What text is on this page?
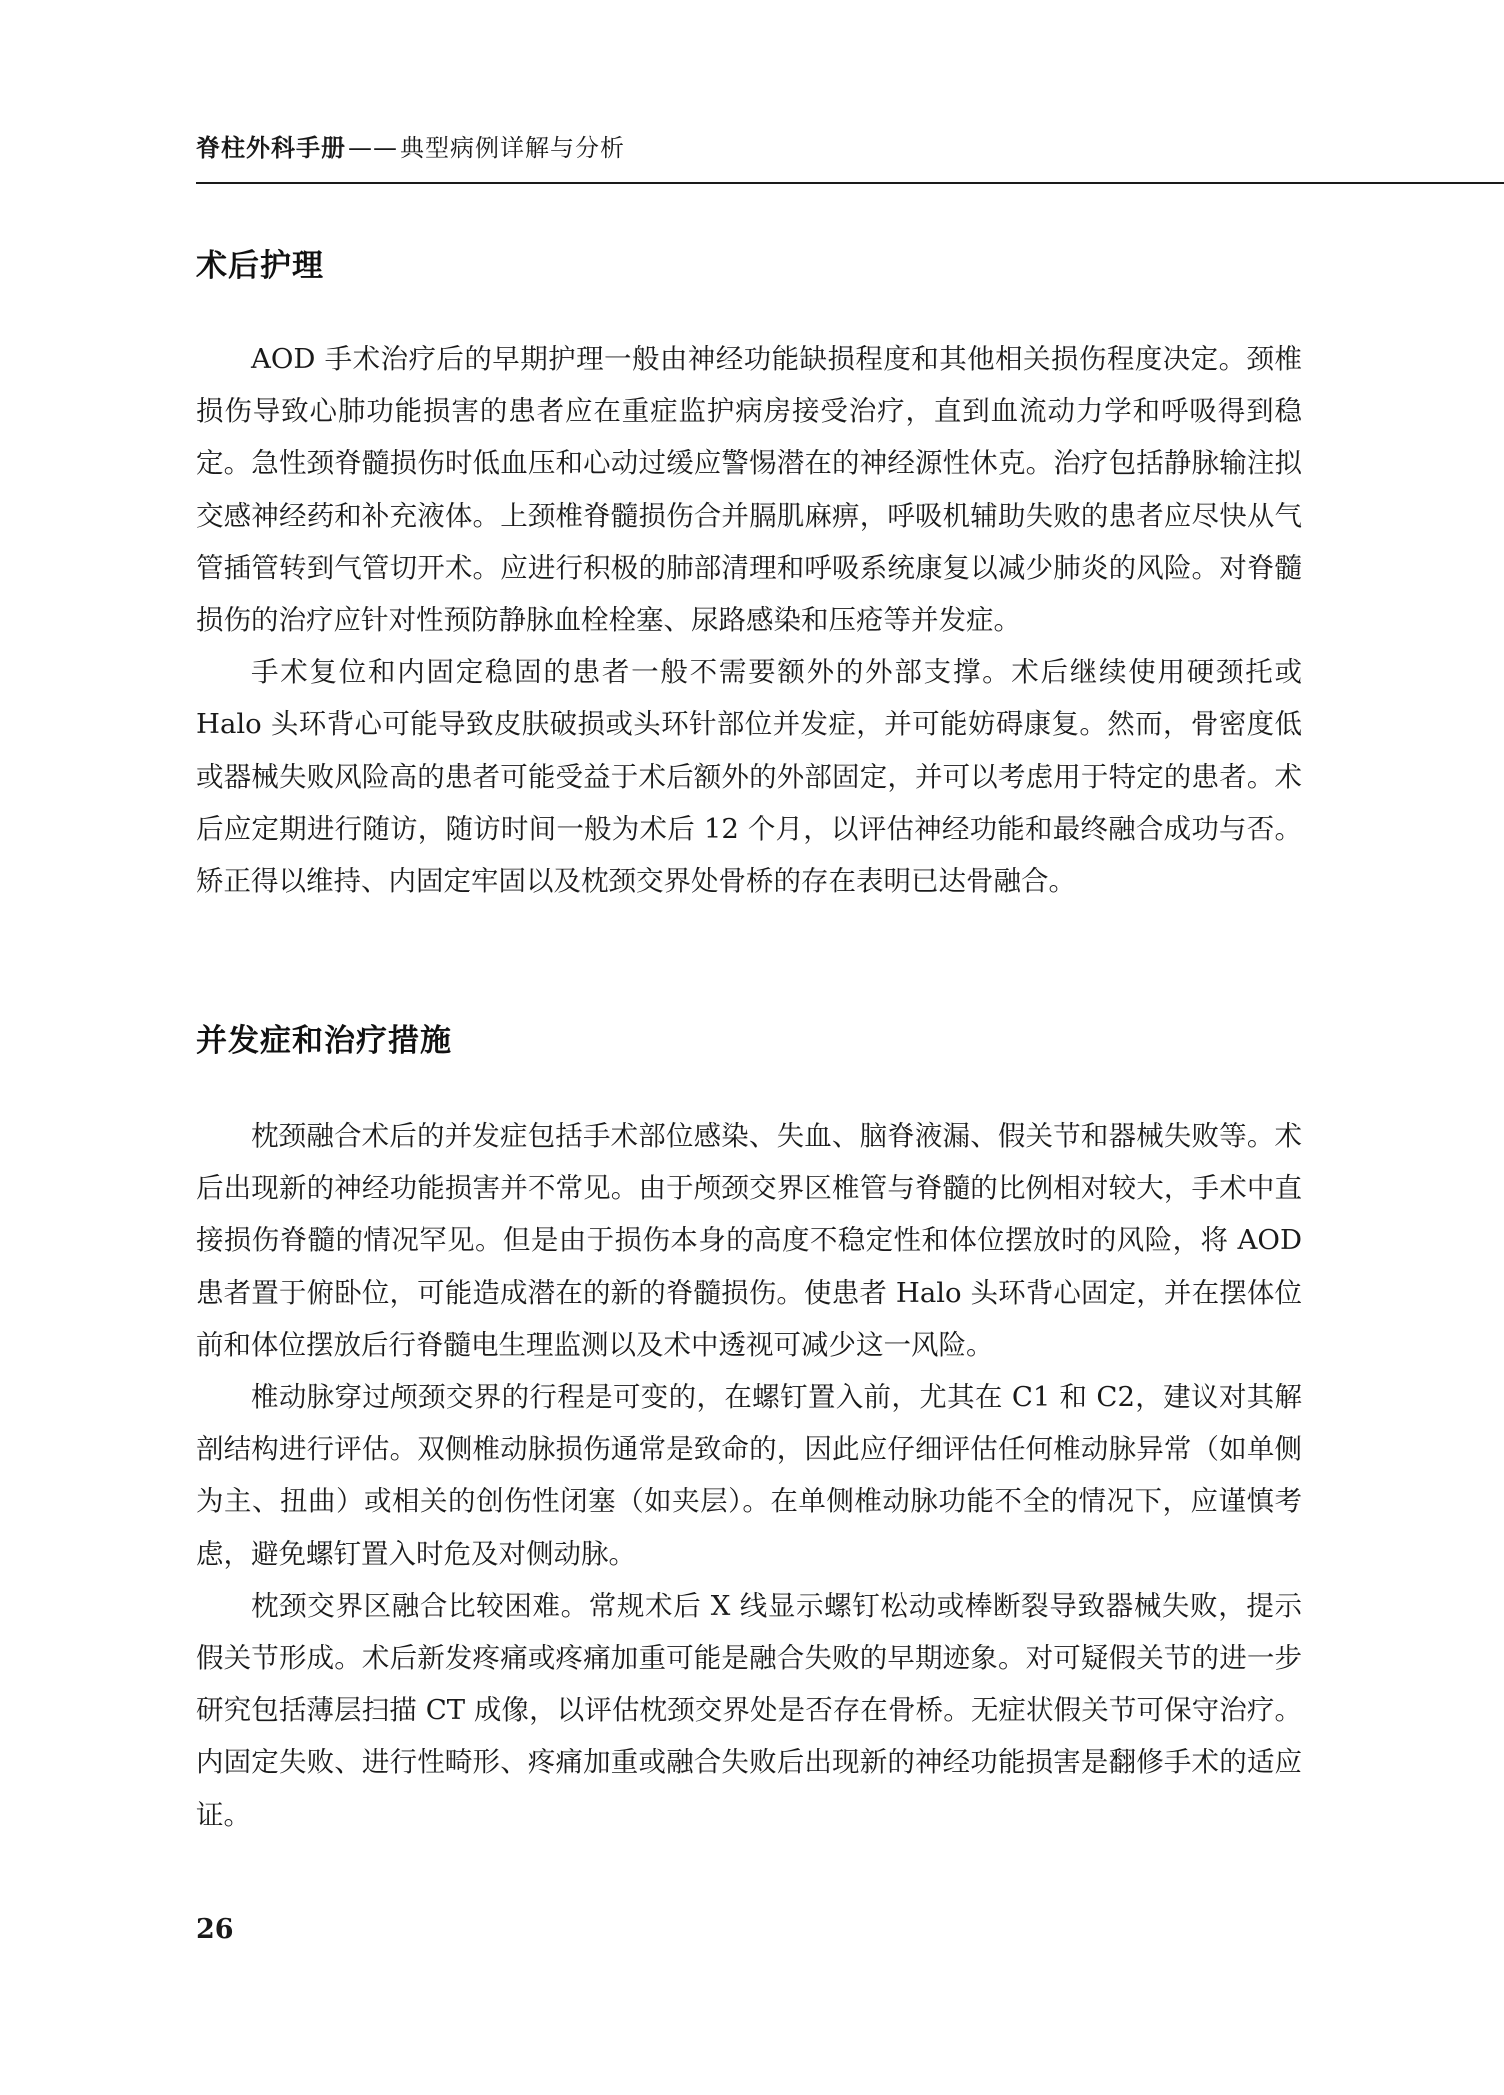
脊柱外科手册——典型病例详解与分析
术后护理

AOD 手术治疗后的早期护理一般由神经功能缺损程度和其他相关损伤程度决定。颈椎损伤导致心肺功能损害的患者应在重症监护病房接受治疗，直到血流动力学和呼吸得到稳定。急性颈脊髓损伤时低血压和心动过缓应警惕潜在的神经源性休克。治疗包括静脉输注拟交感神经药和补充液体。上颈椎脊髓损伤合并膈肌麻痹，呼吸机辅助失败的患者应尽快从气管插管转到气管切开术。应进行积极的肺部清理和呼吸系统康复以减少肺炎的风险。对脊髓损伤的治疗应针对性预防静脉血栓栓塞、尿路感染和压疮等并发症。

手术复位和内固定稳固的患者一般不需要额外的外部支撑。术后继续使用硬颈托或 Halo 头环背心可能导致皮肤破损或头环针部位并发症，并可能妨碍康复。然而，骨密度低或器械失败风险高的患者可能受益于术后额外的外部固定，并可以考虑用于特定的患者。术后应定期进行随访，随访时间一般为术后 12 个月，以评估神经功能和最终融合成功与否。矫正得以维持、内固定牢固以及枕颈交界处骨桥的存在表明已达骨融合。

并发症和治疗措施

枕颈融合术后的并发症包括手术部位感染、失血、脑脊液漏、假关节和器械失败等。术后出现新的神经功能损害并不常见。由于颅颈交界区椎管与脊髓的比例相对较大，手术中直接损伤脊髓的情况罕见。但是由于损伤本身的高度不稳定性和体位摆放时的风险，将 AOD 患者置于俯卧位，可能造成潜在的新的脊髓损伤。使患者 Halo 头环背心固定，并在摆体位前和体位摆放后行脊髓电生理监测以及术中透视可减少这一风险。

椎动脉穿过颅颈交界的行程是可变的，在螺钉置入前，尤其在 C1 和 C2，建议对其解剖结构进行评估。双侧椎动脉损伤通常是致命的，因此应仔细评估任何椎动脉异常（如单侧为主、扭曲）或相关的创伤性闭塞（如夹层）。在单侧椎动脉功能不全的情况下，应谨慎考虑，避免螺钉置入时危及对侧动脉。

枕颈交界区融合比较困难。常规术后 X 线显示螺钉松动或棒断裂导致器械失败，提示假关节形成。术后新发疼痛或疼痛加重可能是融合失败的早期迹象。对可疑假关节的进一步研究包括薄层扫描 CT 成像，以评估枕颈交界处是否存在骨桥。无症状假关节可保守治疗。内固定失败、进行性畸形、疼痛加重或融合失败后出现新的神经功能损害是翻修手术的适应证。

26
